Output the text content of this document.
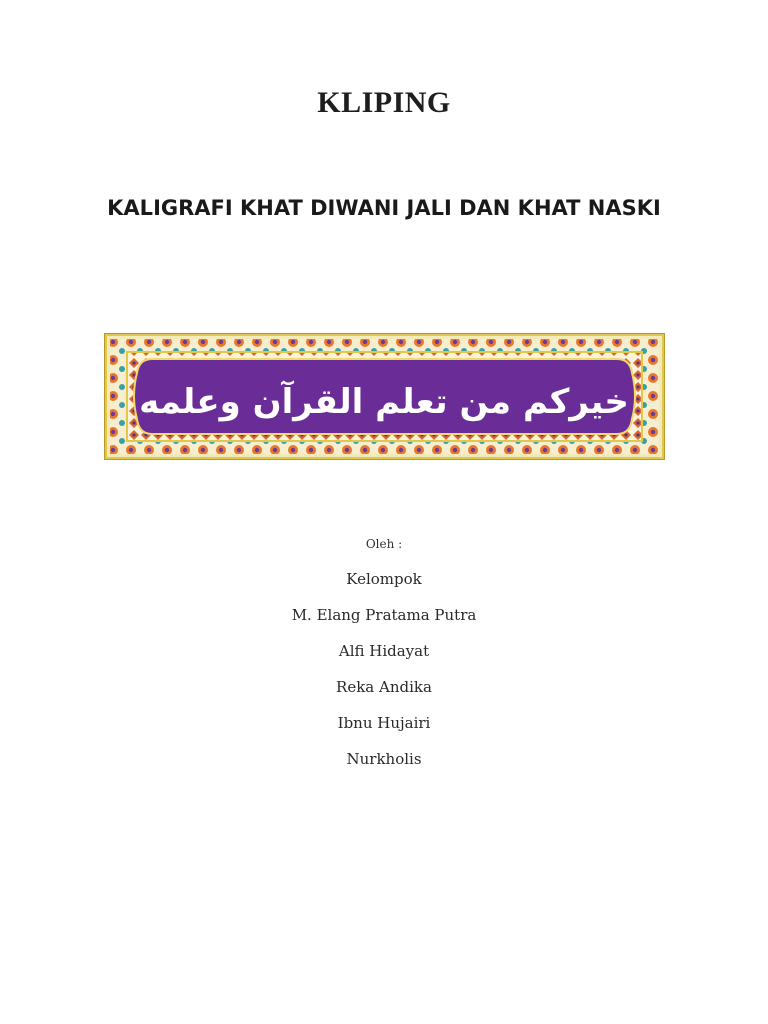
KLIPING
KALIGRAFI KHAT DIWANI JALI DAN KHAT NASKI
خيركم من تعلم القرآن وعلمه
Oleh :
Kelompok
M. Elang Pratama Putra
Alfi Hidayat
Reka Andika
Ibnu Hujairi
Nurkholis
